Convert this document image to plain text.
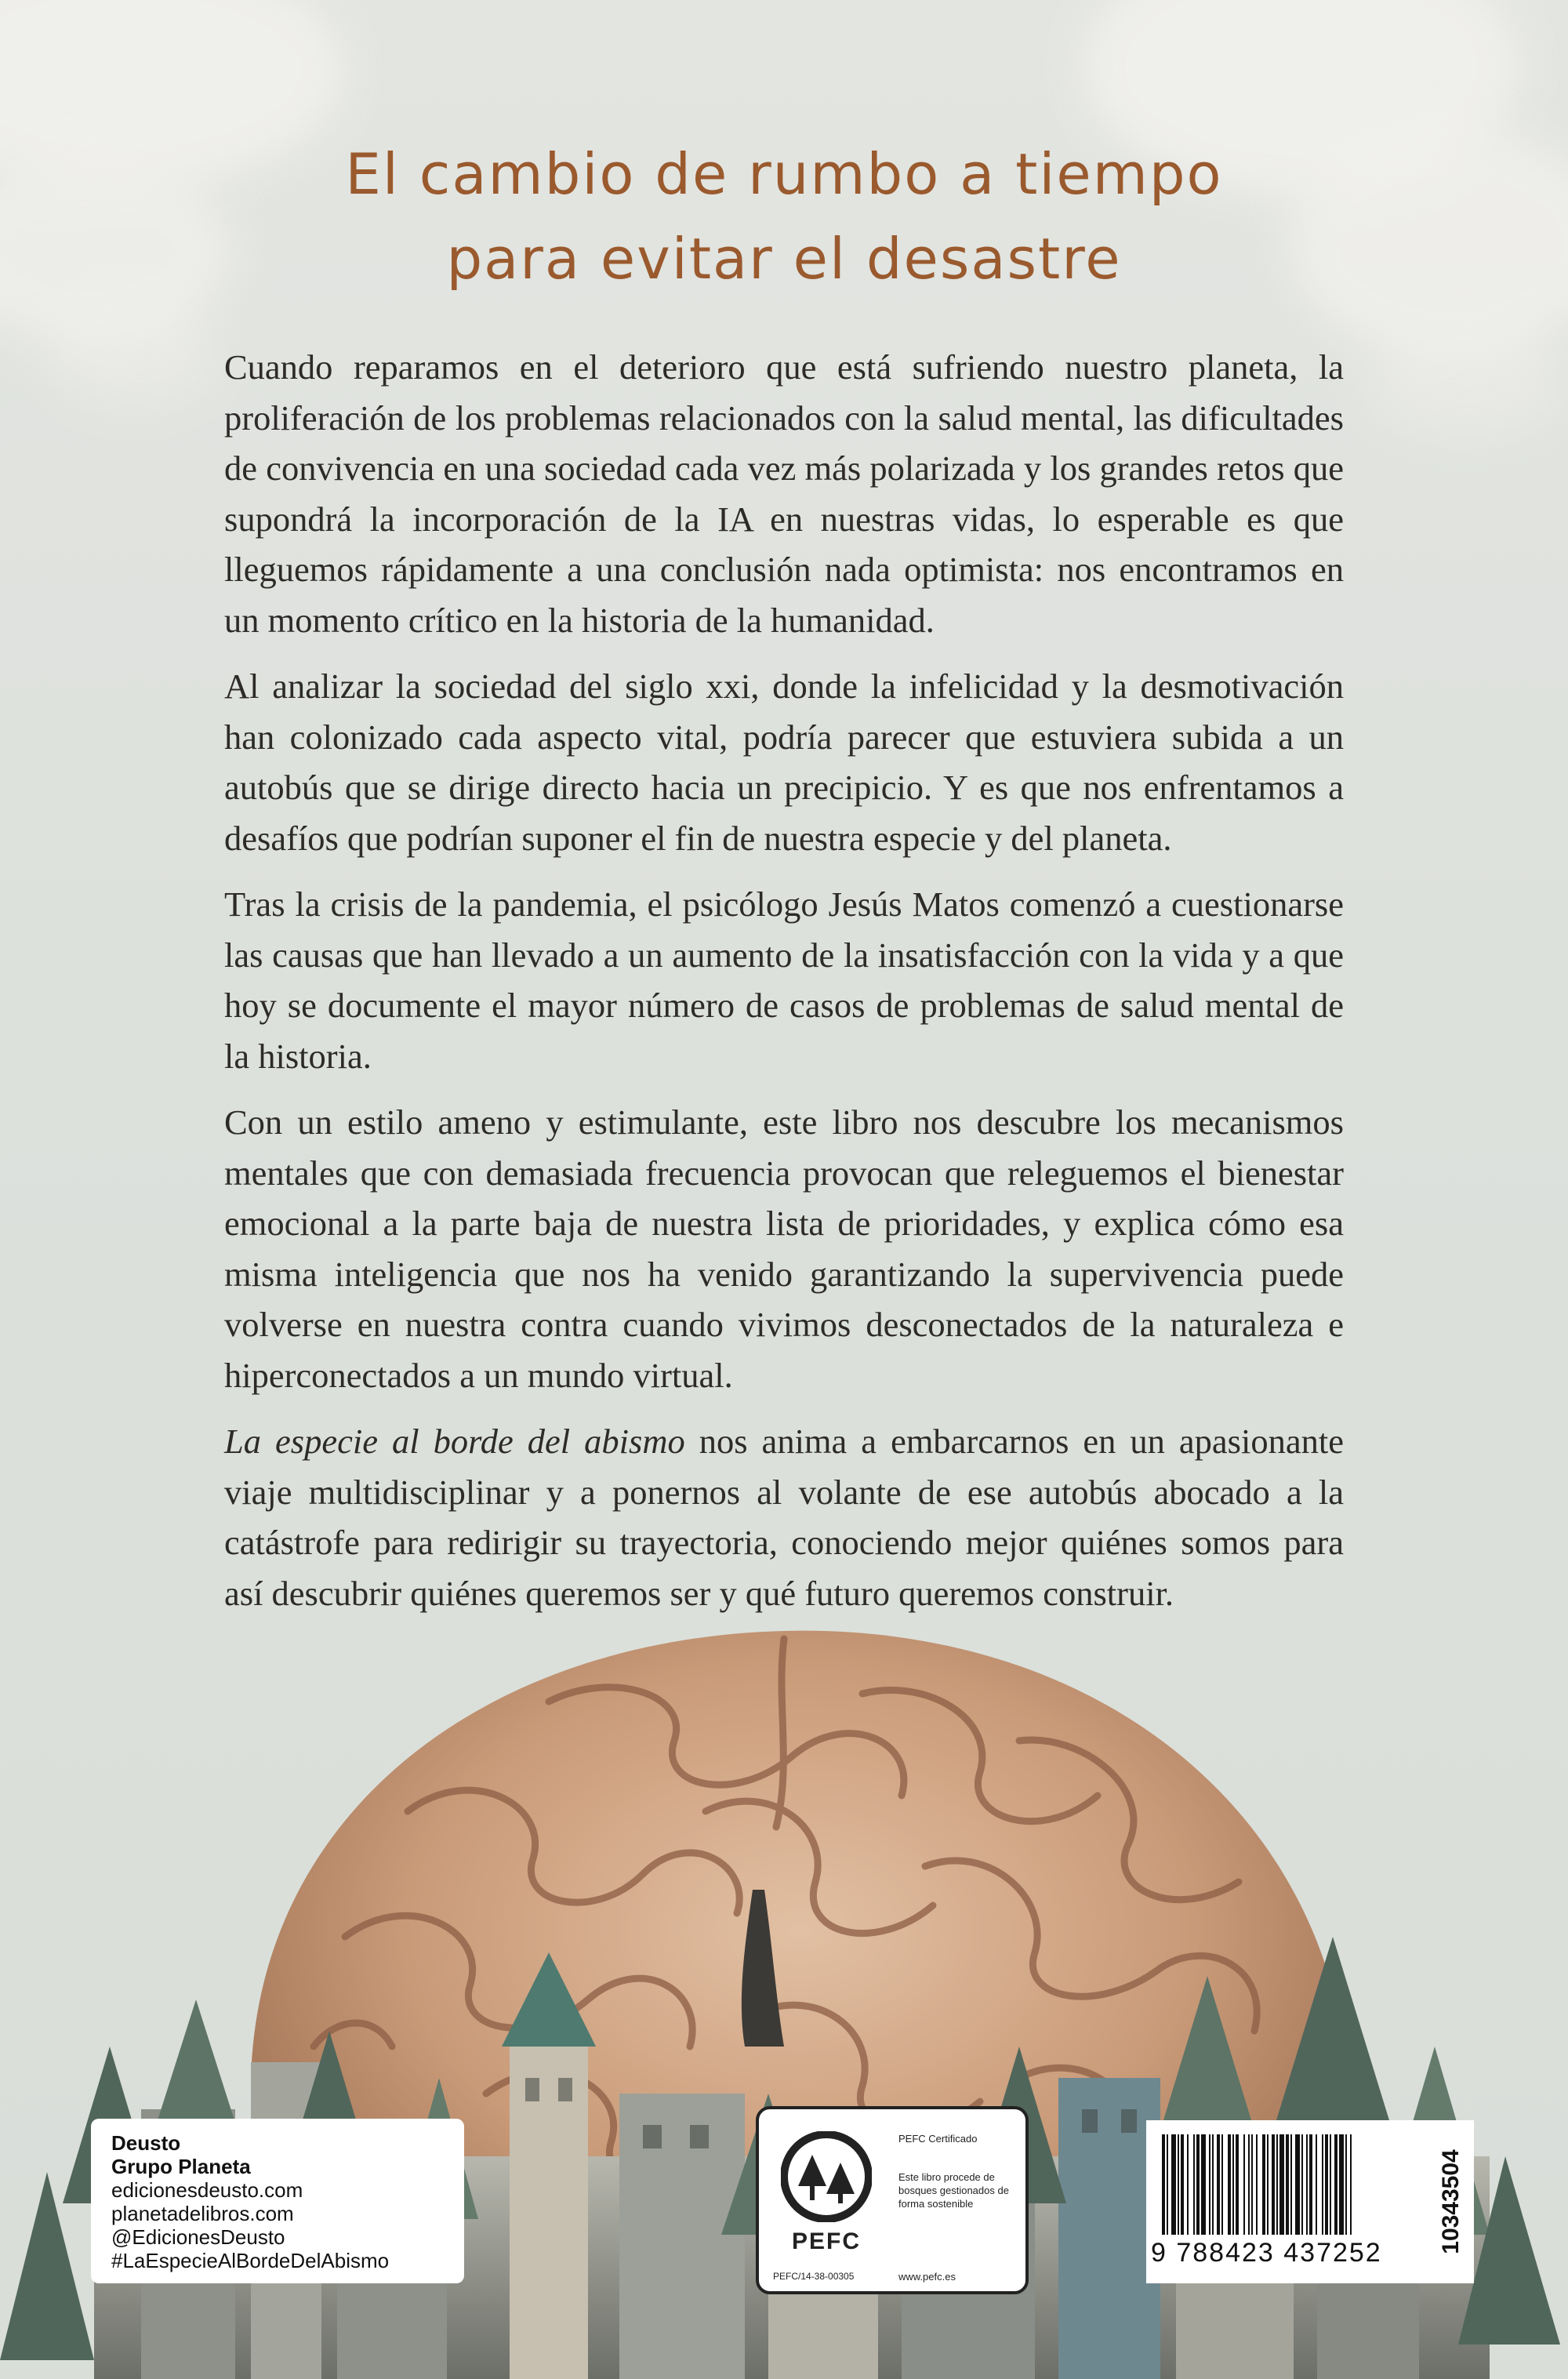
El cambio de rumbo a tiempo
para evitar el desastre

Cuando reparamos en el deterioro que está sufriendo nuestro planeta, la proliferación de los problemas relacionados con la salud mental, las dificultades de convivencia en una sociedad cada vez más polarizada y los grandes retos que supondrá la incorporación de la IA en nuestras vidas, lo esperable es que lleguemos rápidamente a una conclusión nada optimista: nos encontramos en un momento crítico en la historia de la humanidad.

Al analizar la sociedad del siglo xxi, donde la infelicidad y la desmotivación han colonizado cada aspecto vital, podría parecer que estuviera subida a un autobús que se dirige directo hacia un precipicio. Y es que nos enfrentamos a desafíos que podrían suponer el fin de nuestra especie y del planeta.

Tras la crisis de la pandemia, el psicólogo Jesús Matos comenzó a cuestionarse las causas que han llevado a un aumento de la insatisfacción con la vida y a que hoy se documente el mayor número de casos de problemas de salud mental de la historia.

Con un estilo ameno y estimulante, este libro nos descubre los mecanismos mentales que con demasiada frecuencia provocan que releguemos el bienestar emocional a la parte baja de nuestra lista de prioridades, y explica cómo esa misma inteligencia que nos ha venido garantizando la supervivencia puede volverse en nuestra contra cuando vivimos desconectados de la naturaleza e hiperconectados a un mundo virtual.

La especie al borde del abismo nos anima a embarcarnos en un apasionante viaje multidisciplinar y a ponernos al volante de ese autobús abocado a la catástrofe para redirigir su trayectoria, conociendo mejor quiénes somos para así descubrir quiénes queremos ser y qué futuro queremos construir.

Deusto
Grupo Planeta
edicionesdeusto.com
planetadelibros.com
@EdicionesDeusto
#LaEspecieAlBordeDelAbismo
PEFC
PEFC/14-38-00305
PEFC Certificado
Este libro procede de bosques gestionados de forma sostenible
www.pefc.es
9 788423 437252 10343504
